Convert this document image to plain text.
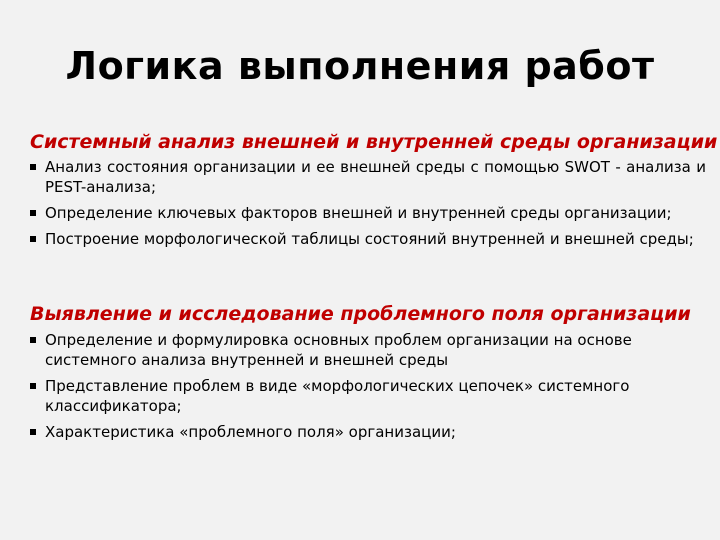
Логика выполнения работ
Системный анализ внешней и внутренней среды организации
Анализ состояния организации и ее внешней среды с помощью SWOT - анализа и PEST-анализа;
Определение ключевых факторов внешней и внутренней среды организации;
Построение морфологической таблицы состояний внутренней и внешней среды;
Выявление и исследование проблемного поля организации
Определение и формулировка основных проблем организации на основе системного анализа внутренней и внешней среды
Представление проблем в виде «морфологических цепочек» системного классификатора;
Характеристика «проблемного поля» организации;
